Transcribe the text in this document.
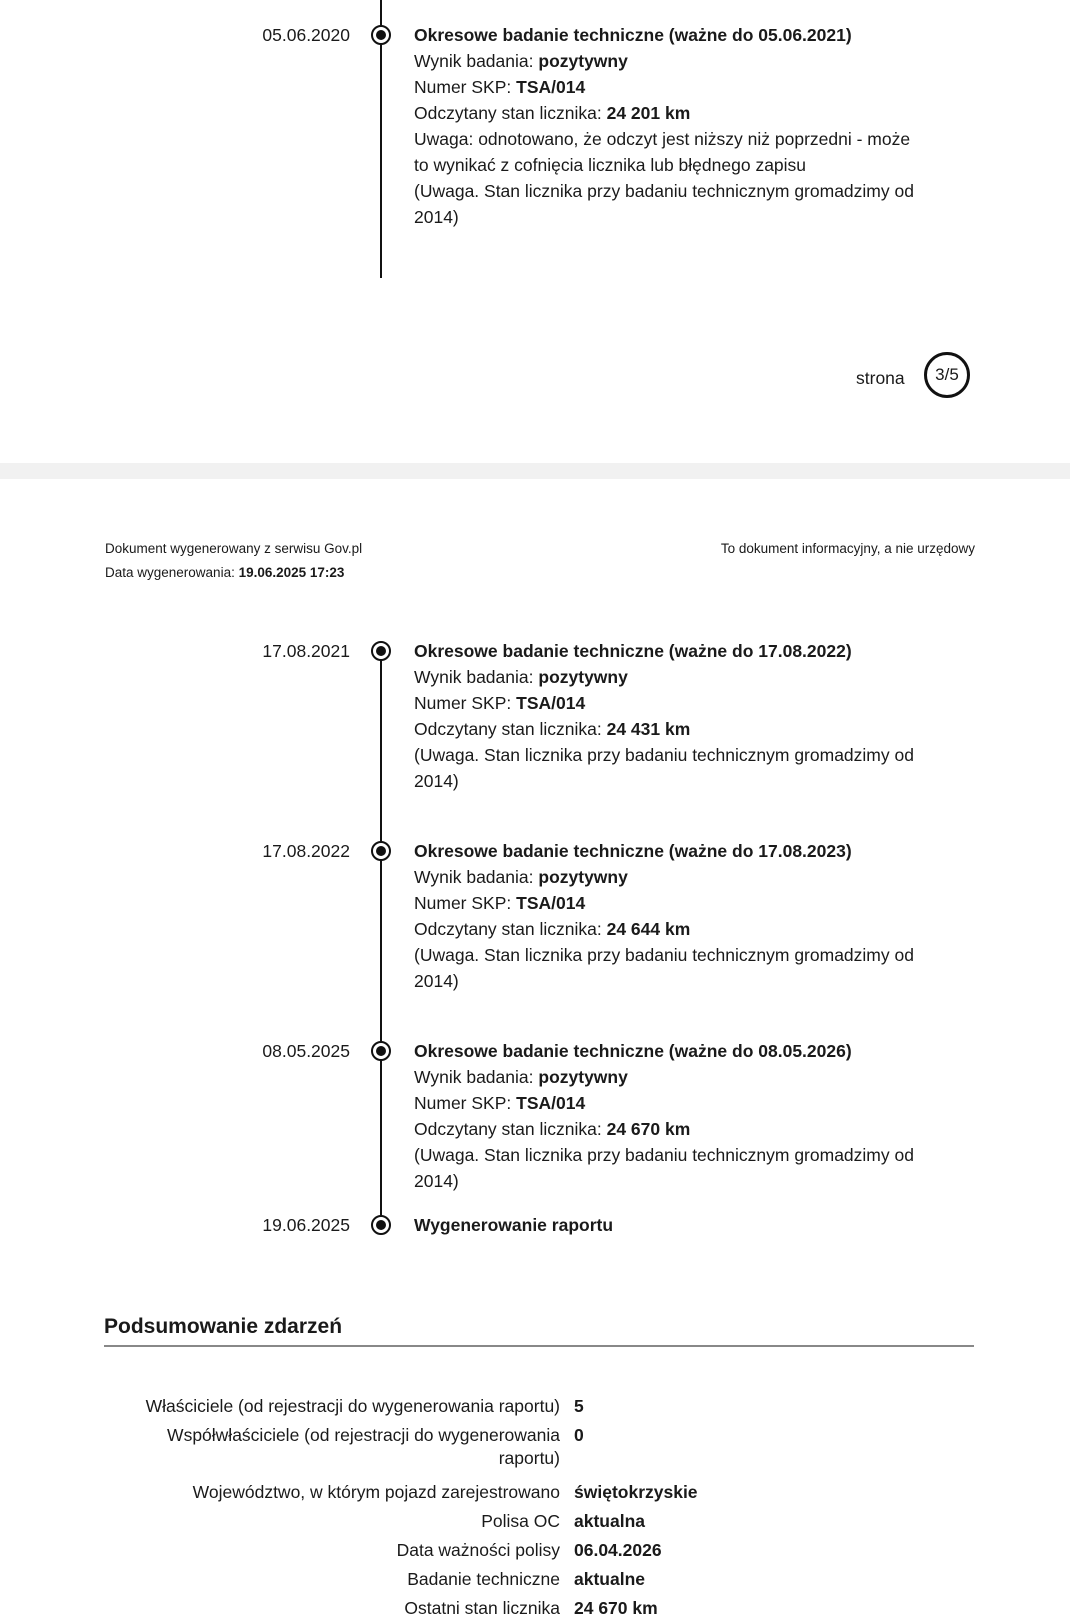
05.06.2020	Okresowe badanie techniczne (ważne do 05.06.2021)
Wynik badania: pozytywny
Numer SKP: TSA/014
Odczytany stan licznika: 24 201 km
Uwaga: odnotowano, że odczyt jest niższy niż poprzedni - może
to wynikać z cofnięcia licznika lub błędnego zapisu
(Uwaga. Stan licznika przy badaniu technicznym gromadzimy od
2014)
strona	3/5
Dokument wygenerowany z serwisu Gov.pl
Data wygenerowania: 19.06.2025 17:23
To dokument informacyjny, a nie urzędowy
17.08.2021	Okresowe badanie techniczne (ważne do 17.08.2022)
Wynik badania: pozytywny
Numer SKP: TSA/014
Odczytany stan licznika: 24 431 km
(Uwaga. Stan licznika przy badaniu technicznym gromadzimy od
2014)
17.08.2022	Okresowe badanie techniczne (ważne do 17.08.2023)
Wynik badania: pozytywny
Numer SKP: TSA/014
Odczytany stan licznika: 24 644 km
(Uwaga. Stan licznika przy badaniu technicznym gromadzimy od
2014)
08.05.2025	Okresowe badanie techniczne (ważne do 08.05.2026)
Wynik badania: pozytywny
Numer SKP: TSA/014
Odczytany stan licznika: 24 670 km
(Uwaga. Stan licznika przy badaniu technicznym gromadzimy od
2014)
19.06.2025	Wygenerowanie raportu
Podsumowanie zdarzeń
Właściciele (od rejestracji do wygenerowania raportu) 5
Współwłaściciele (od rejestracji do wygenerowania
raportu)
0
Województwo, w którym pojazd zarejestrowano świętokrzyskie
Polisa OC aktualna
Data ważności polisy 06.04.2026
Badanie techniczne aktualne
Ostatni stan licznika 24 670 km
